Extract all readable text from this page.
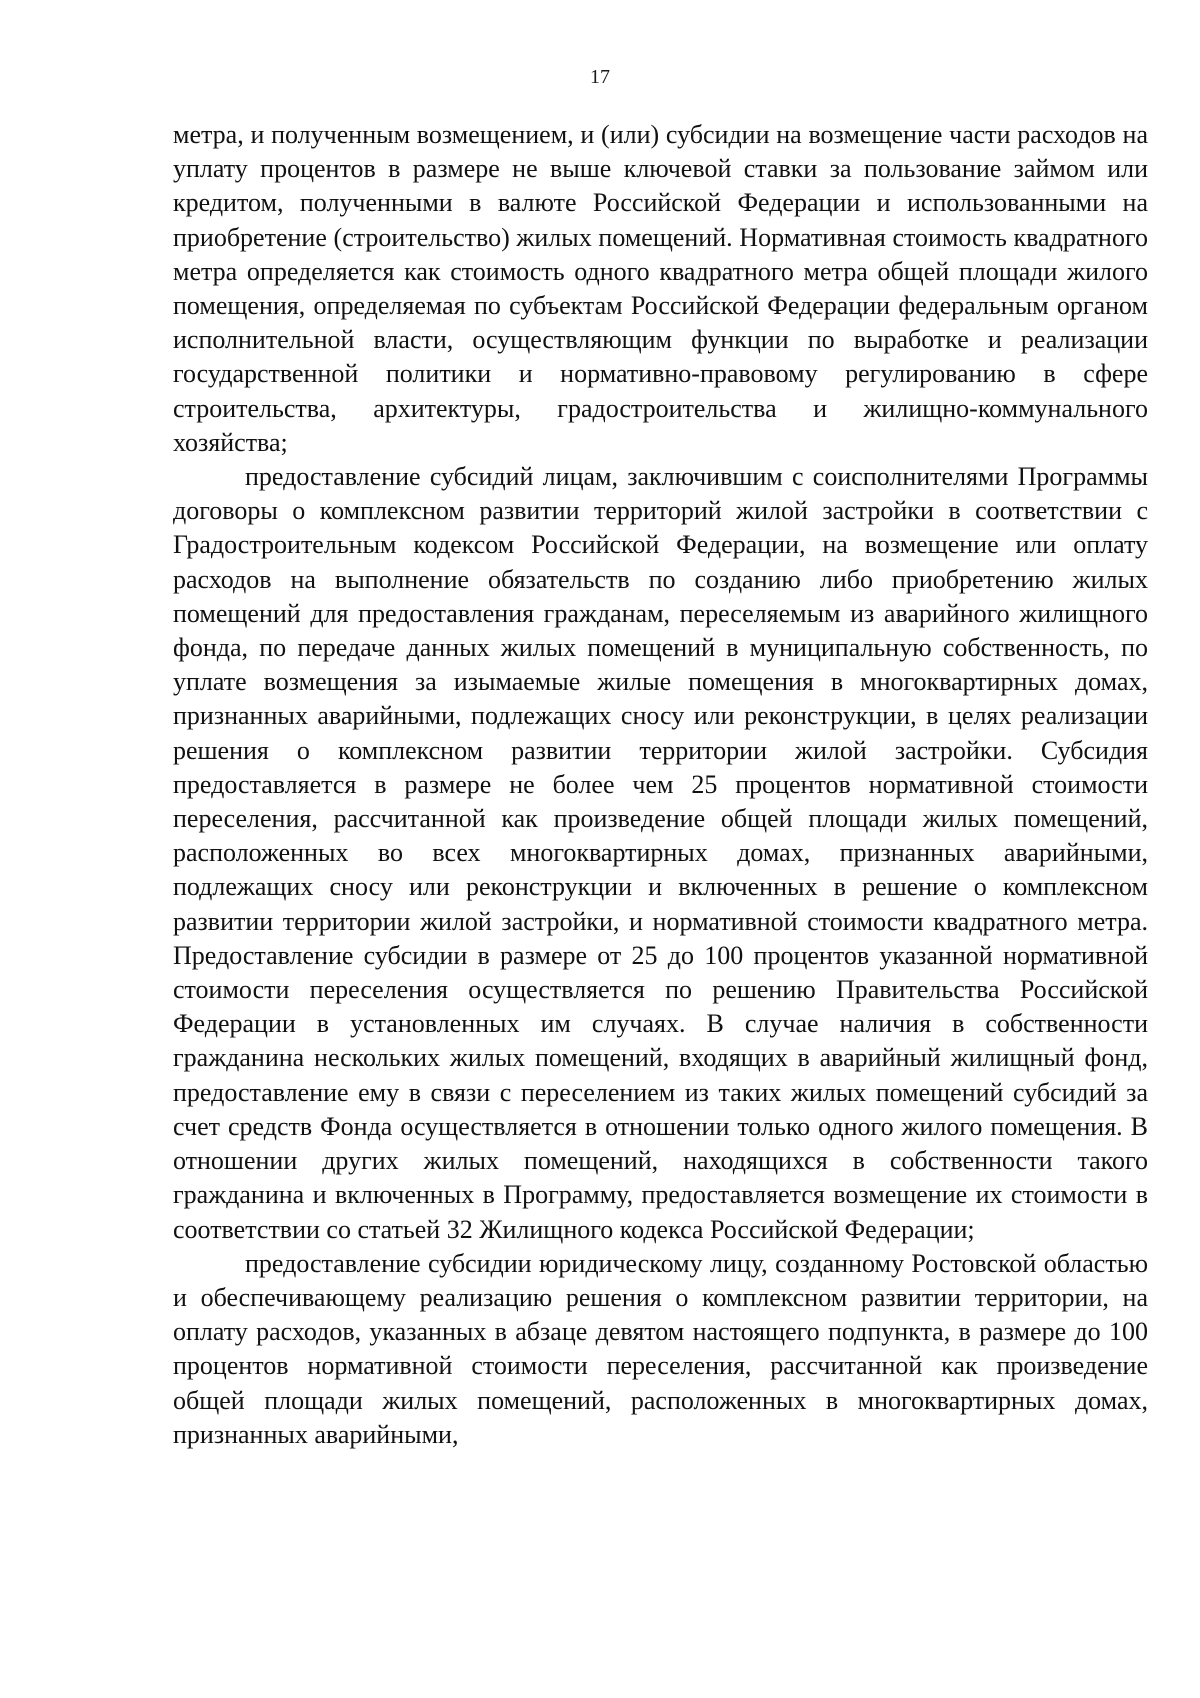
17

метра, и полученным возмещением, и (или) субсидии на возмещение части расходов на уплату процентов в размере не выше ключевой ставки за пользование займом или кредитом, полученными в валюте Российской Федерации и использованными на приобретение (строительство) жилых помещений. Нормативная стоимость квадратного метра определяется как стоимость одного квадратного метра общей площади жилого помещения, определяемая по субъектам Российской Федерации федеральным органом исполнительной власти, осуществляющим функции по выработке и реализации государственной политики и нормативно-правовому регулированию в сфере строительства, архитектуры, градостроительства и жилищно-коммунального хозяйства;

предоставление субсидий лицам, заключившим с соисполнителями Программы договоры о комплексном развитии территорий жилой застройки в соответствии с Градостроительным кодексом Российской Федерации, на возмещение или оплату расходов на выполнение обязательств по созданию либо приобретению жилых помещений для предоставления гражданам, переселяемым из аварийного жилищного фонда, по передаче данных жилых помещений в муниципальную собственность, по уплате возмещения за изымаемые жилые помещения в многоквартирных домах, признанных аварийными, подлежащих сносу или реконструкции, в целях реализации решения о комплексном развитии территории жилой застройки. Субсидия предоставляется в размере не более чем 25 процентов нормативной стоимости переселения, рассчитанной как произведение общей площади жилых помещений, расположенных во всех многоквартирных домах, признанных аварийными, подлежащих сносу или реконструкции и включенных в решение о комплексном развитии территории жилой застройки, и нормативной стоимости квадратного метра. Предоставление субсидии в размере от 25 до 100 процентов указанной нормативной стоимости переселения осуществляется по решению Правительства Российской Федерации в установленных им случаях. В случае наличия в собственности гражданина нескольких жилых помещений, входящих в аварийный жилищный фонд, предоставление ему в связи с переселением из таких жилых помещений субсидий за счет средств Фонда осуществляется в отношении только одного жилого помещения. В отношении других жилых помещений, находящихся в собственности такого гражданина и включенных в Программу, предоставляется возмещение их стоимости в соответствии со статьей 32 Жилищного кодекса Российской Федерации;

предоставление субсидии юридическому лицу, созданному Ростовской областью и обеспечивающему реализацию решения о комплексном развитии территории, на оплату расходов, указанных в абзаце девятом настоящего подпункта, в размере до 100 процентов нормативной стоимости переселения, рассчитанной как произведение общей площади жилых помещений, расположенных в многоквартирных домах, признанных аварийными,
